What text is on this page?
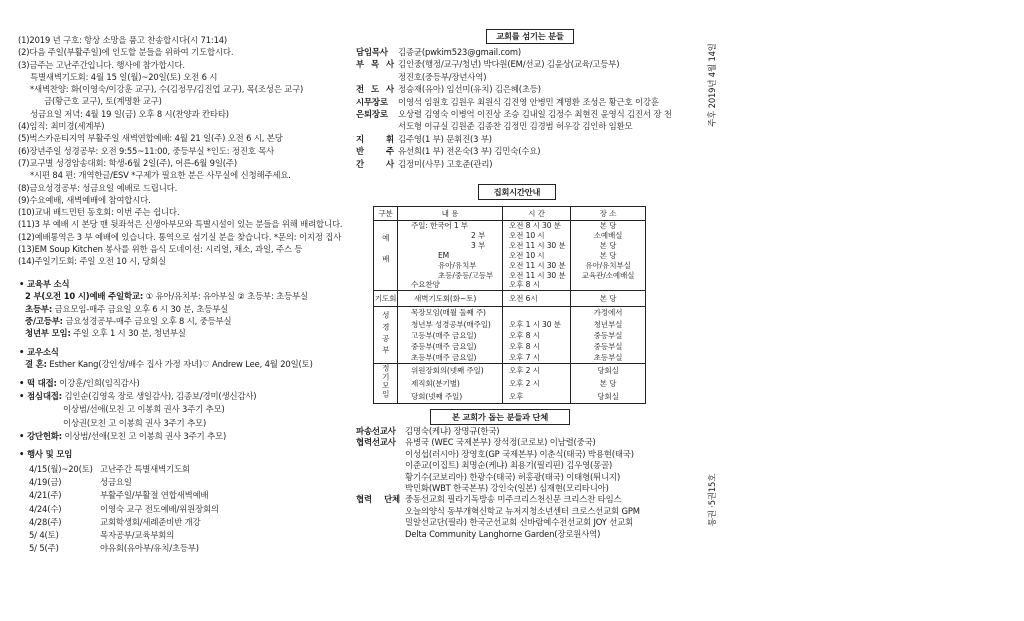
(1)2019 년 구호: 항상 소망을 품고 찬송합시다(시 71:14)
(2)다음 주일(부활주일)에 인도할 분들을 위하여 기도합시다.
(3)금주는 고난주간입니다. 행사에 참가합시다.
특별새벽기도회: 4월 15 일(월)~20일(토) 오전 6 시
*새벽찬양: 화(이영숙/이강훈 교구), 수(김정무/김진업 교구), 목(조성은 교구)
금(황근호 교구), 토(계명환 교구)
성금요일 저녁: 4월 19 일(금) 오후 8 시(찬양과 칸타타)
(4)임직: 최미경(세계부)
(5)벅스카운티지역 부활주일 새벽연합예배: 4월 21 일(주) 오전 6 시, 본당
(6)장년주일 성경공부: 오전 9:55~11:00, 중등부실 *인도: 정진호 목사
(7)교구별 성경암송대회: 학생-6월 2일(주), 어른-6월 9일(주)
*시편 84 편: 개역한글/ESV *구제가 필요한 분은 사무실에 신청해주세요.
(8)금요성경공부: 성금요일 예배로 드립니다.
(9)수요예배, 새벽예배에 참여합시다.
(10)교내 배드민턴 동호회: 이번 주는 쉽니다.
(11)3 부 예배 시 본당 맨 뒷좌석은 신생아부모와 특별시설이 있는 분들을 위해 배려합니다.
(12)예배통역은 3 부 예배에 있습니다. 통역으로 섬기실 분을 찾습니다. *문의: 이지정 집사
(13)EM Soup Kitchen 봉사를 위한 음식 도네이션: 시리얼, 채소, 과일, 주스 등
(14)주일기도회: 주일 오전 10 시, 당회실
• 교육부 소식
2 부(오전 10 시)예배 주일학교: ① 유아/유치부: 유아부실 ② 초등부: 초등부실
초등부: 금요모임-매주 금요일 오후 6 시 30 분, 초등부실
중/고등부: 금요성경공부-매주 금요일 오후 8 시, 중등부실
청년부 모임: 주일 오후 1 시 30 분, 청년부실
• 교우소식
결 혼: Esther Kang(강인성/배수 집사 가정 자녀)♡ Andrew Lee, 4월 20일(토)
• 떡 대접: 이강훈/인희(임직감사)
• 점심대접: 김인순(김영옥 장로 생일감사), 김종보/경미(생신감사)
이상범/선애(모친 고 이봉희 권사 3주기 추모)
이상권(모친 고 이봉희 권사 3주기 추모)
• 강단헌화: 이상범/선애(모친 고 이봉희 권사 3주기 추모)
• 행사 및 모임
4/15(월)~20(토) 고난주간 특별새벽기도회
4/19(금)	성금요일
4/21(주)	부활주일/부활절 연합새벽예배
4/24(수)	이영숙 교구 전도예배/위원장회의
4/28(주)	교회학생회/세례준비반 개강
5/ 4(토)	목자공부/교육부회의
5/ 5(주)	야유회(유아부/유치/초등부)
교회를 섬기는 분들
담임목사 김종균(pwkim523@gmail.com)
부 목 사 김인중(행정/교구/청년) 박다원(EM/선교) 김윤상(교육/고등부)
정진호(중등부/장년사역)
전 도 사 정승재(유아) 임선미(유치) 김은혜(초등)
시무장로 이영석 임원호 김원우 최원식 김진영 안병민 계명환 조성은 황근호 이강훈
은퇴장로 오상렬 김영숙 이병억 이진상 조승 김내일 김정수 최현진 윤영식 김진서 장 천
서도형 이규실 김원준 김종찬 김정민 김경범 허우강 김인하 임환모
지 휘 김주영(1 부) 문휘진(3 부)
반 주 유선희(1 부) 전온숙(3 부) 김민숙(수요)
간 사 김정미(사무) 고호준(관리)
집회시간안내
구분	내 용	시 간	장 소
예배	주일: 한국어 1 부	오전 8 시 30 분	본 당
	2 부	오전 10 시	소예배실
	3 부	오전 11 시 30 분	본 당
	EM	오전 10 시	본 당
	유아/유치부	오전 11 시 30 분	유아/유치부실
	초등/중등/고등부	오전 11 시 30 분	교육관/소예배실
	수요찬양	오후 8 시	
기도회	새벽기도회(화~토)	오전 6시	본 당
성경공부	목장모임(매월 둘째 주)		가정에서
	청년부 성경공부(매주일)	오후 1 시 30 분	청년부실
	고등부(매주 금요일)	오후 8 시	중등부실
	중등부(매주 금요일)	오후 8 시	중등부실
	초등부(매주 금요일)	오후 7 시	초등부실
정기모임	위원장회의(넷째 주일)	오후 2 시	당회실
	제직회(분기별)	오후 2 시	본 당
	당회(넷째 주일)	오후	당회실
본 교회가 돕는 분들과 단체
파송선교사 김명숙(케냐) 장명규(한국)
협력선교사 유병국 (WEC 국제본부) 장석정(코로보) 이남렬(중국)
이성섭(러시아) 장영호(GP 국제본부) 이춘식(태국) 박용현(태국)
이준교(이집트) 최명순(케냐) 최용기(필리핀) 김우영(몽골)
황기수(코보리아) 한광수(태국) 허홍광(태국) 이태형(튀니지)
박민화(WBT 한국본부) 강인숙(일본) 심재현(모리타니아)
협력 단체 중동선교회 필라기독방송 미주크리스천신문 크리스찬 타임스
오늘의양식 동부개혁신학교 뉴저지청소년센터 크로스선교회 GPM
밀알선교단(필라) 한국군선교회 신바람예수전선교회 JOY 선교회
Delta Community Langhorne Garden(장로원사역)
주후 2019년 4월 14일
통권 ·5권15호
